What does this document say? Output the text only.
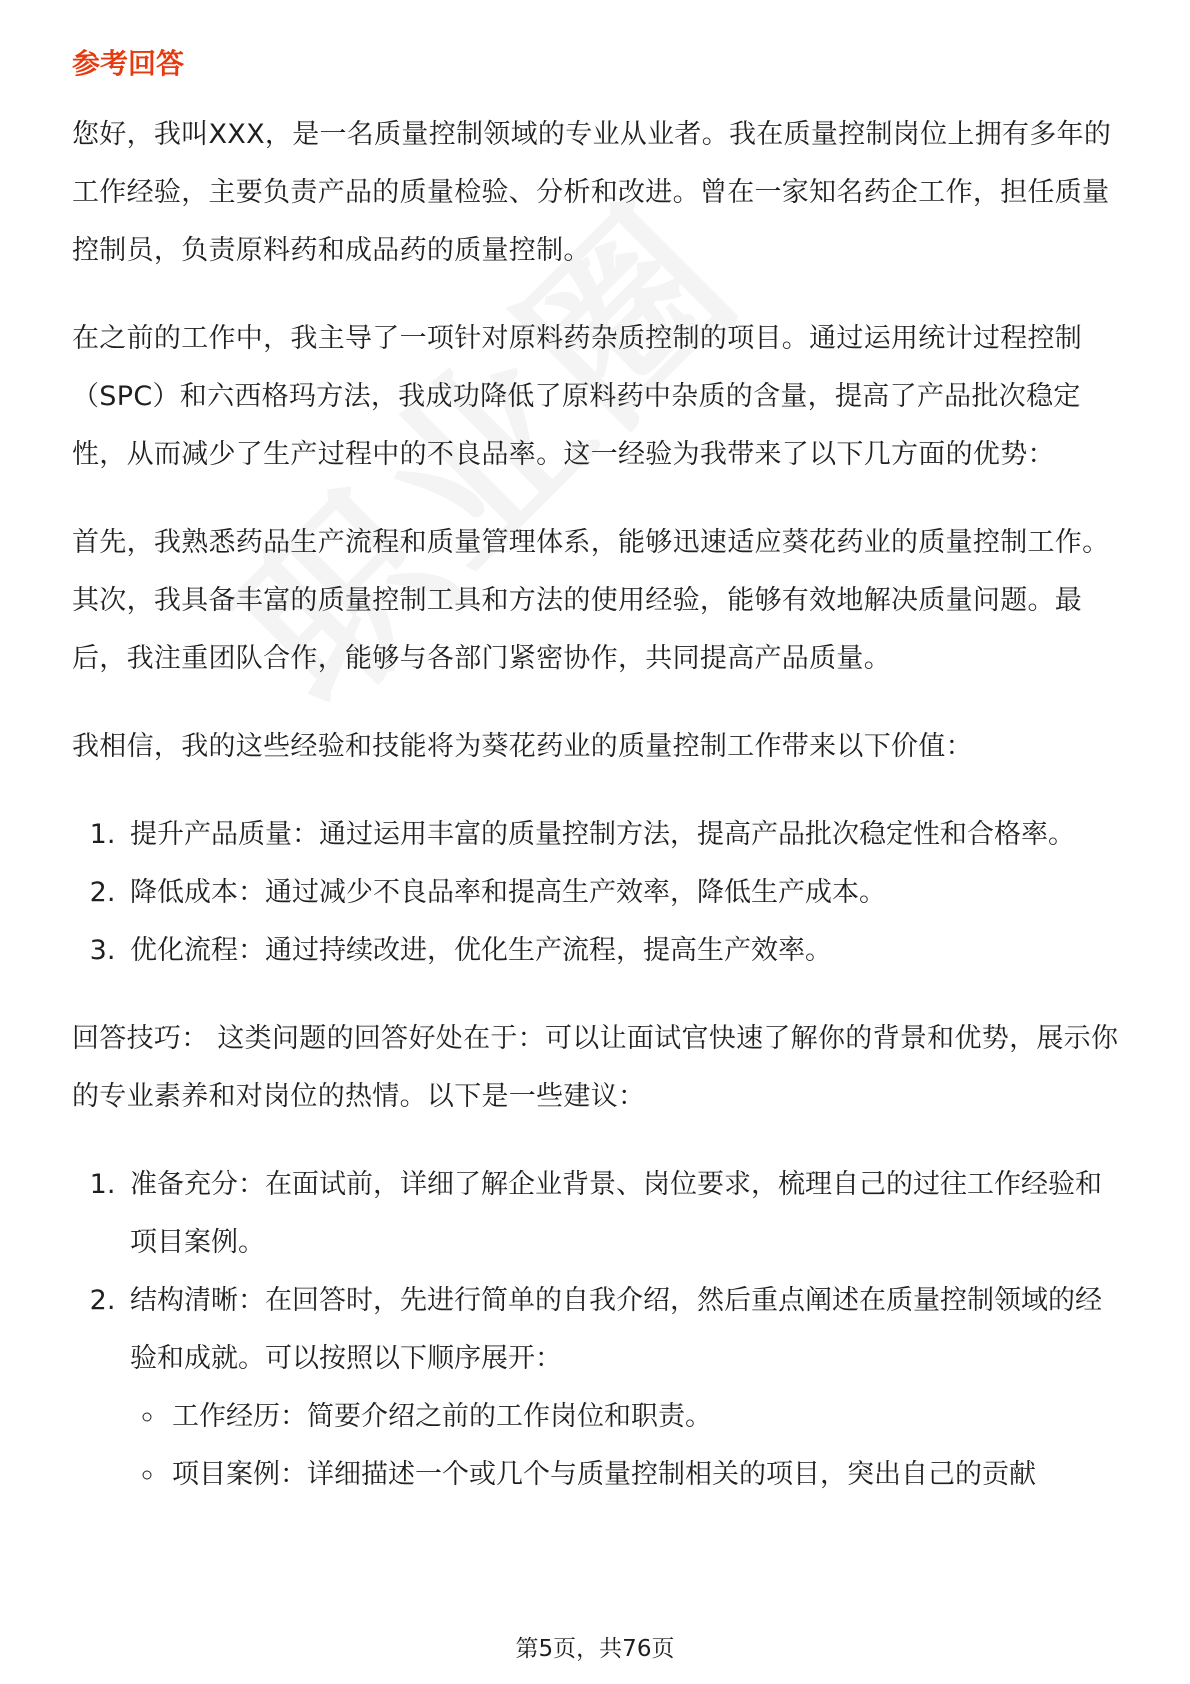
参考回答

您好，我叫XXX，是一名质量控制领域的专业从业者。我在质量控制岗位上拥有多年的工作经验，主要负责产品的质量检验、分析和改进。曾在一家知名药企工作，担任质量控制员，负责原料药和成品药的质量控制。

在之前的工作中，我主导了一项针对原料药杂质控制的项目。通过运用统计过程控制（SPC）和六西格玛方法，我成功降低了原料药中杂质的含量，提高了产品批次稳定性，从而减少了生产过程中的不良品率。这一经验为我带来了以下几方面的优势：

首先，我熟悉药品生产流程和质量管理体系，能够迅速适应葵花药业的质量控制工作。其次，我具备丰富的质量控制工具和方法的使用经验，能够有效地解决质量问题。最后，我注重团队合作，能够与各部门紧密协作，共同提高产品质量。

我相信，我的这些经验和技能将为葵花药业的质量控制工作带来以下价值：

1. 提升产品质量：通过运用丰富的质量控制方法，提高产品批次稳定性和合格率。
2. 降低成本：通过减少不良品率和提高生产效率，降低生产成本。
3. 优化流程：通过持续改进，优化生产流程，提高生产效率。

回答技巧： 这类问题的回答好处在于：可以让面试官快速了解你的背景和优势，展示你的专业素养和对岗位的热情。以下是一些建议：

1. 准备充分：在面试前，详细了解企业背景、岗位要求，梳理自己的过往工作经验和项目案例。
2. 结构清晰：在回答时，先进行简单的自我介绍，然后重点阐述在质量控制领域的经验和成就。可以按照以下顺序展开：
◦ 工作经历：简要介绍之前的工作岗位和职责。
◦ 项目案例：详细描述一个或几个与质量控制相关的项目，突出自己的贡献
第5页，共76页
